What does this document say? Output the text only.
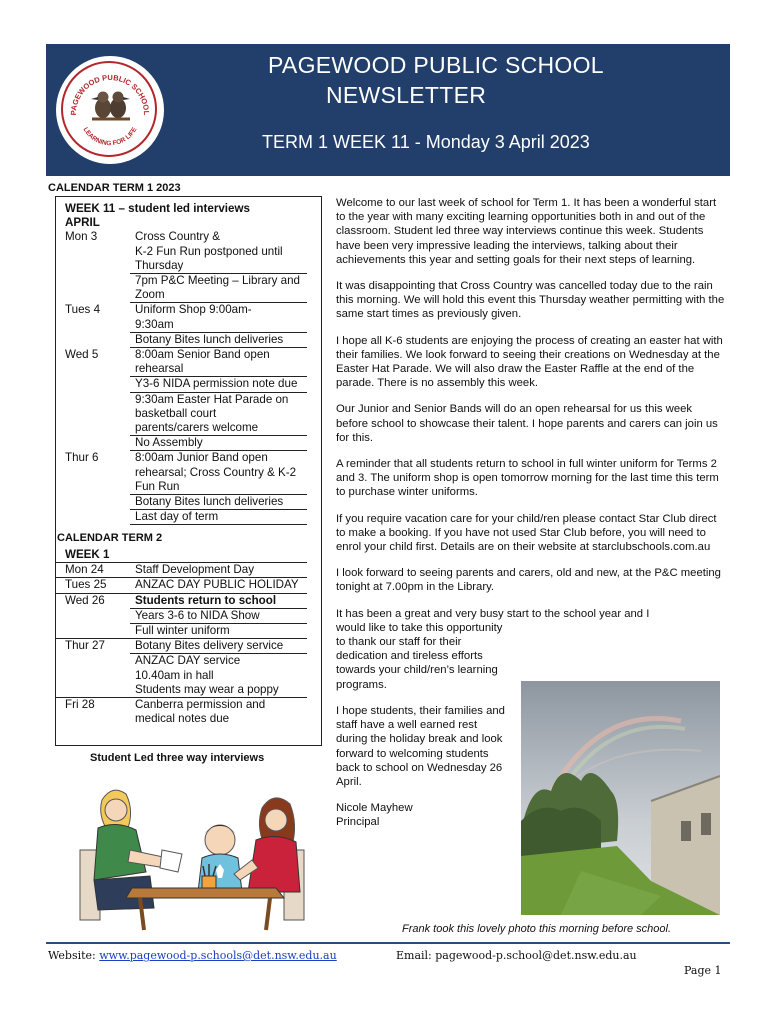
PAGEWOOD PUBLIC SCHOOL
LEARNING FOR LIFE
PAGEWOOD PUBLIC SCHOOL
NEWSLETTER
TERM 1 WEEK 11 - Monday 3 April 2023
CALENDAR TERM 1 2023
WEEK 11 – student led interviews	
APRIL	
Mon 3	Cross Country &
K-2 Fun Run postponed until Thursday
	7pm P&C Meeting – Library and Zoom
Tues 4	Uniform Shop 9:00am-
9:30am
	Botany Bites lunch deliveries
Wed 5	8:00am Senior Band open rehearsal
	Y3-6 NIDA permission note due
	9:30am Easter Hat Parade on basketball court
parents/carers welcome
	No Assembly
Thur 6	8:00am Junior Band open rehearsal; Cross Country & K-2 Fun Run
	Botany Bites lunch deliveries
	Last day of term
CALENDAR TERM 2
WEEK 1	
Mon 24	Staff Development Day
Tues 25	ANZAC DAY PUBLIC HOLIDAY
Wed 26	Students return to school
	Years 3-6 to NIDA Show
	Full winter uniform
Thur 27	Botany Bites delivery service
	ANZAC DAY service
10.40am in hall
Students may wear a poppy
Fri 28	Canberra permission and medical notes due
Student Led three way interviews

Welcome to our last week of school for Term 1. It has been a wonderful start to the year with many exciting learning opportunities both in and out of the classroom. Student led three way interviews continue this week. Students have been very impressive leading the interviews, talking about their achievements this year and setting goals for their next steps of learning.

It was disappointing that Cross Country was cancelled today due to the rain this morning. We will hold this event this Thursday weather permitting with the same start times as previously given.

I hope all K-6 students are enjoying the process of creating an easter hat with their families. We look forward to seeing their creations on Wednesday at the Easter Hat Parade. We will also draw the Easter Raffle at the end of the parade. There is no assembly this week.

Our Junior and Senior Bands will do an open rehearsal for us this week before school to showcase their talent. I hope parents and carers can join us for this.

A reminder that all students return to school in full winter uniform for Terms 2 and 3. The uniform shop is open tomorrow morning for the last time this term to purchase winter uniforms.

If you require vacation care for your child/ren please contact Star Club direct to make a booking. If you have not used Star Club before, you will need to enrol your child first. Details are on their website at starclubschools.com.au

I look forward to seeing parents and carers, old and new, at the P&C meeting tonight at 7.00pm in the Library.

It has been a great and very busy start to the school year and I

would like to take this opportunity to thank our staff for their dedication and tireless efforts towards your child/ren’s learning programs.

I hope students, their families and staff have a well earned rest during the holiday break and look forward to welcoming students back to school on Wednesday 26 April.

Nicole Mayhew

Principal

Frank took this lovely photo this morning before school.
Website: www.pagewood-p.schools@det.nsw.edu.au	Email: pagewood-p.school@det.nsw.edu.au
Page 1
